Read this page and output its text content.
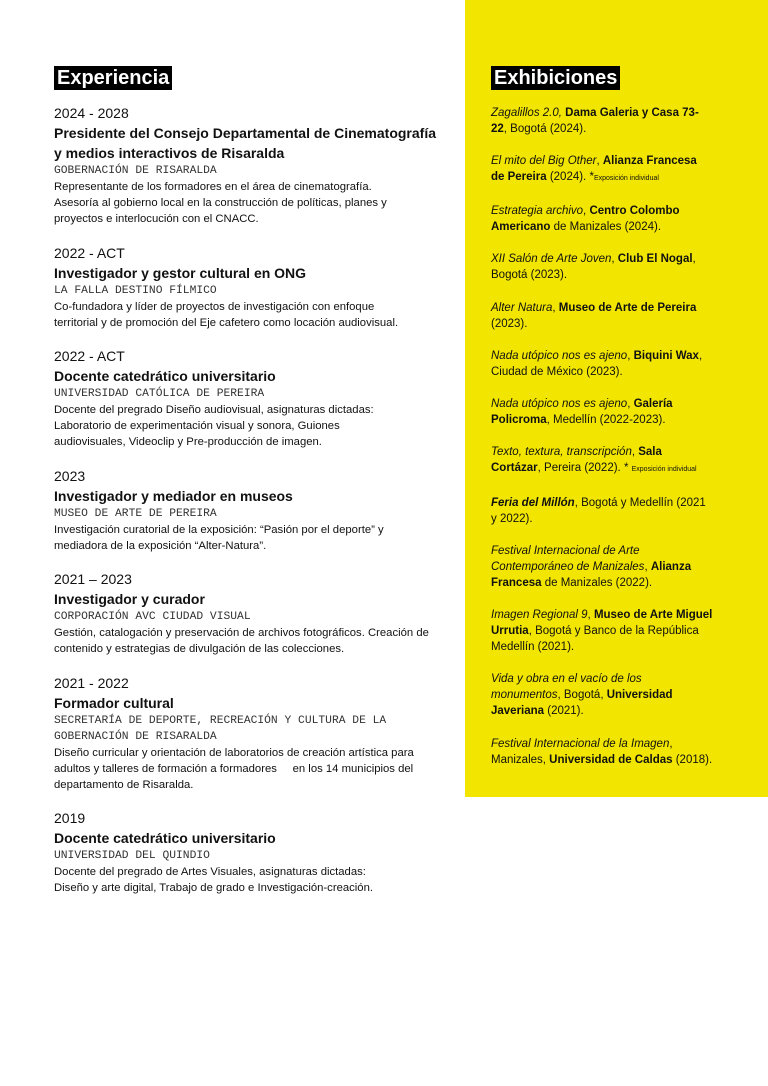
Experiencia
2024 - 2028
Presidente del Consejo Departamental de Cinematografía
y medios interactivos de Risaralda
GOBERNACIÓN DE RISARALDA
Representante de los formadores en el área de cinematografía.
Asesoría al gobierno local en la construcción de políticas, planes y
proyectos e interlocución con el CNACC.
2022 - ACT
Investigador y gestor cultural en ONG
LA FALLA DESTINO FÍLMICO
Co-fundadora y líder de proyectos de investigación con enfoque
territorial y de promoción del Eje cafetero como locación audiovisual.
2022 - ACT
Docente catedrático universitario
UNIVERSIDAD CATÓLICA DE PEREIRA
Docente del pregrado Diseño audiovisual, asignaturas dictadas:
Laboratorio de experimentación visual y sonora, Guiones
audiovisuales, Videoclip y Pre-producción de imagen.
2023
Investigador y mediador en museos
MUSEO DE ARTE DE PEREIRA
Investigación curatorial de la exposición: “Pasión por el deporte” y
mediadora de la exposición “Alter-Natura”.
2021 – 2023
Investigador y curador
CORPORACIÓN AVC CIUDAD VISUAL
Gestión, catalogación y preservación de archivos fotográficos. Creación de
contenido y estrategias de divulgación de las colecciones.
2021 - 2022
Formador cultural
SECRETARÍA DE DEPORTE, RECREACIÓN Y CULTURA DE LA
GOBERNACIÓN DE RISARALDA
Diseño curricular y orientación de laboratorios de creación artística para
adultos y talleres de formación a formadores     en los 14 municipios del
departamento de Risaralda.
2019
Docente catedrático universitario
UNIVERSIDAD DEL QUINDIO
Docente del pregrado de Artes Visuales, asignaturas dictadas:
Diseño y arte digital, Trabajo de grado e Investigación-creación.
Exhibiciones
Zagalillos 2.0, Dama Galeria y Casa 73-
22, Bogotá (2024).
El mito del Big Other, Alianza Francesa
de Pereira (2024). *Exposición individual
Estrategia archivo, Centro Colombo
Americano de Manizales (2024).
XII Salón de Arte Joven, Club El Nogal,
Bogotá (2023).
Alter Natura, Museo de Arte de Pereira
(2023).
Nada utópico nos es ajeno, Biquini Wax,
Ciudad de México (2023).
Nada utópico nos es ajeno, Galería
Policroma, Medellín (2022-2023).
Texto, textura, transcripción, Sala
Cortázar, Pereira (2022). * Exposición individual
Feria del Millón, Bogotá y Medellín (2021
y 2022).
Festival Internacional de Arte
Contemporáneo de Manizales, Alianza
Francesa de Manizales (2022).
Imagen Regional 9, Museo de Arte Miguel
Urrutia, Bogotá y Banco de la República
Medellín (2021).
Vida y obra en el vacío de los
monumentos, Bogotá, Universidad
Javeriana (2021).
Festival Internacional de la Imagen,
Manizales, Universidad de Caldas (2018).
